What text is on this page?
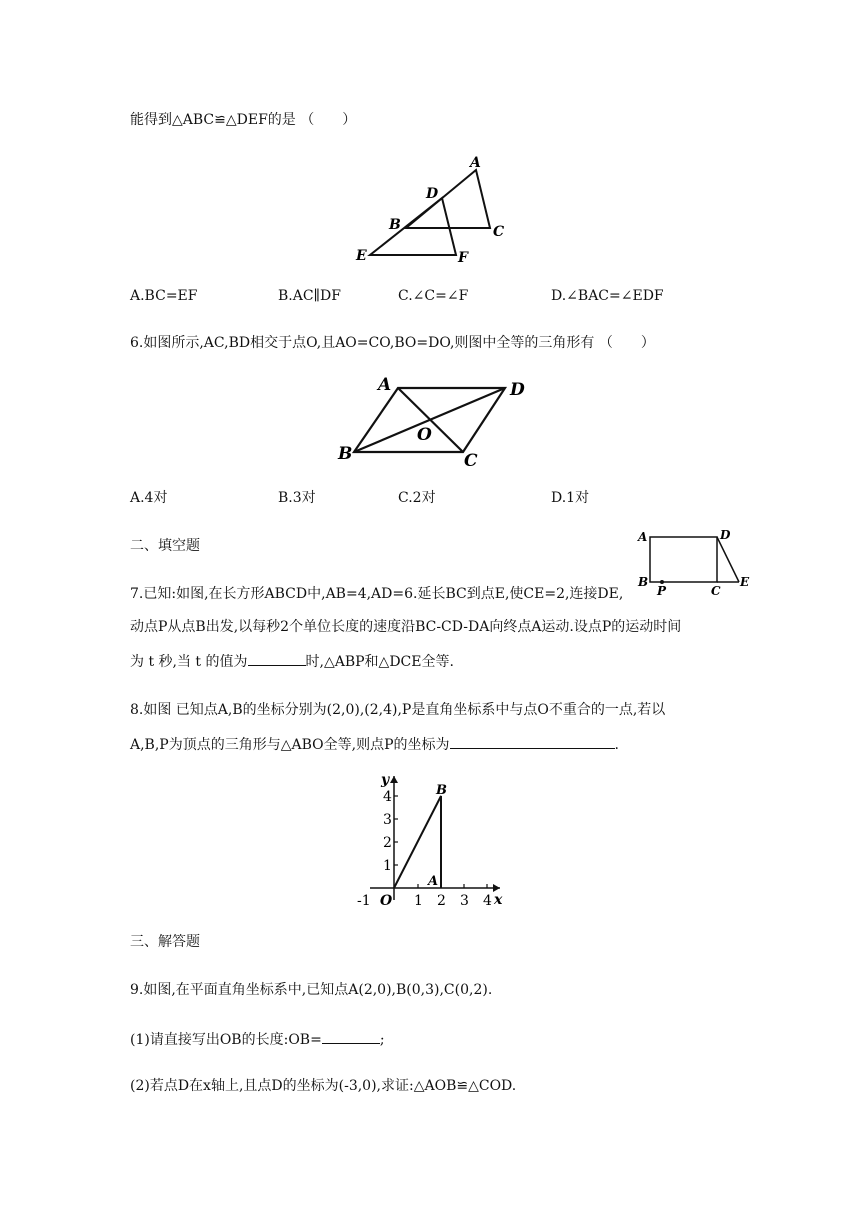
能得到△ABC≌△DEF的是 （　　）
A
D
B	C
E	F
A.BC=EF	B.AC∥DF	C.∠C=∠F	D.∠BAC=∠EDF
6.如图所示,AC,BD相交于点O,且AO=CO,BO=DO,则图中全等的三角形有 （　　）
A	D
O
B	C
A.4对	B.3对	C.2对	D.1对
二、填空题
A	D
B
P	C
E
7.已知:如图,在长方形ABCD中,AB=4,AD=6.延长BC到点E,使CE=2,连接DE,
动点P从点B出发,以每秒2个单位长度的速度沿BC-CD-DA向终点A运动.设点P的运动时间
为 t 秒,当 t 的值为	时,△ABP和△DCE全等.
8.如图 已知点A,B的坐标分别为(2,0),(2,4),P是直角坐标系中与点O不重合的一点,若以
A,B,P为顶点的三角形与△ABO全等,则点P的坐标为	.
-1 O 1 2 3 4 x
1
2
3
4
y
A
B
三、解答题
9.如图,在平面直角坐标系中,已知点A(2,0),B(0,3),C(0,2).
(1)请直接写出OB的长度:OB=	;
(2)若点D在x轴上,且点D的坐标为(-3,0),求证:△AOB≌△COD.
